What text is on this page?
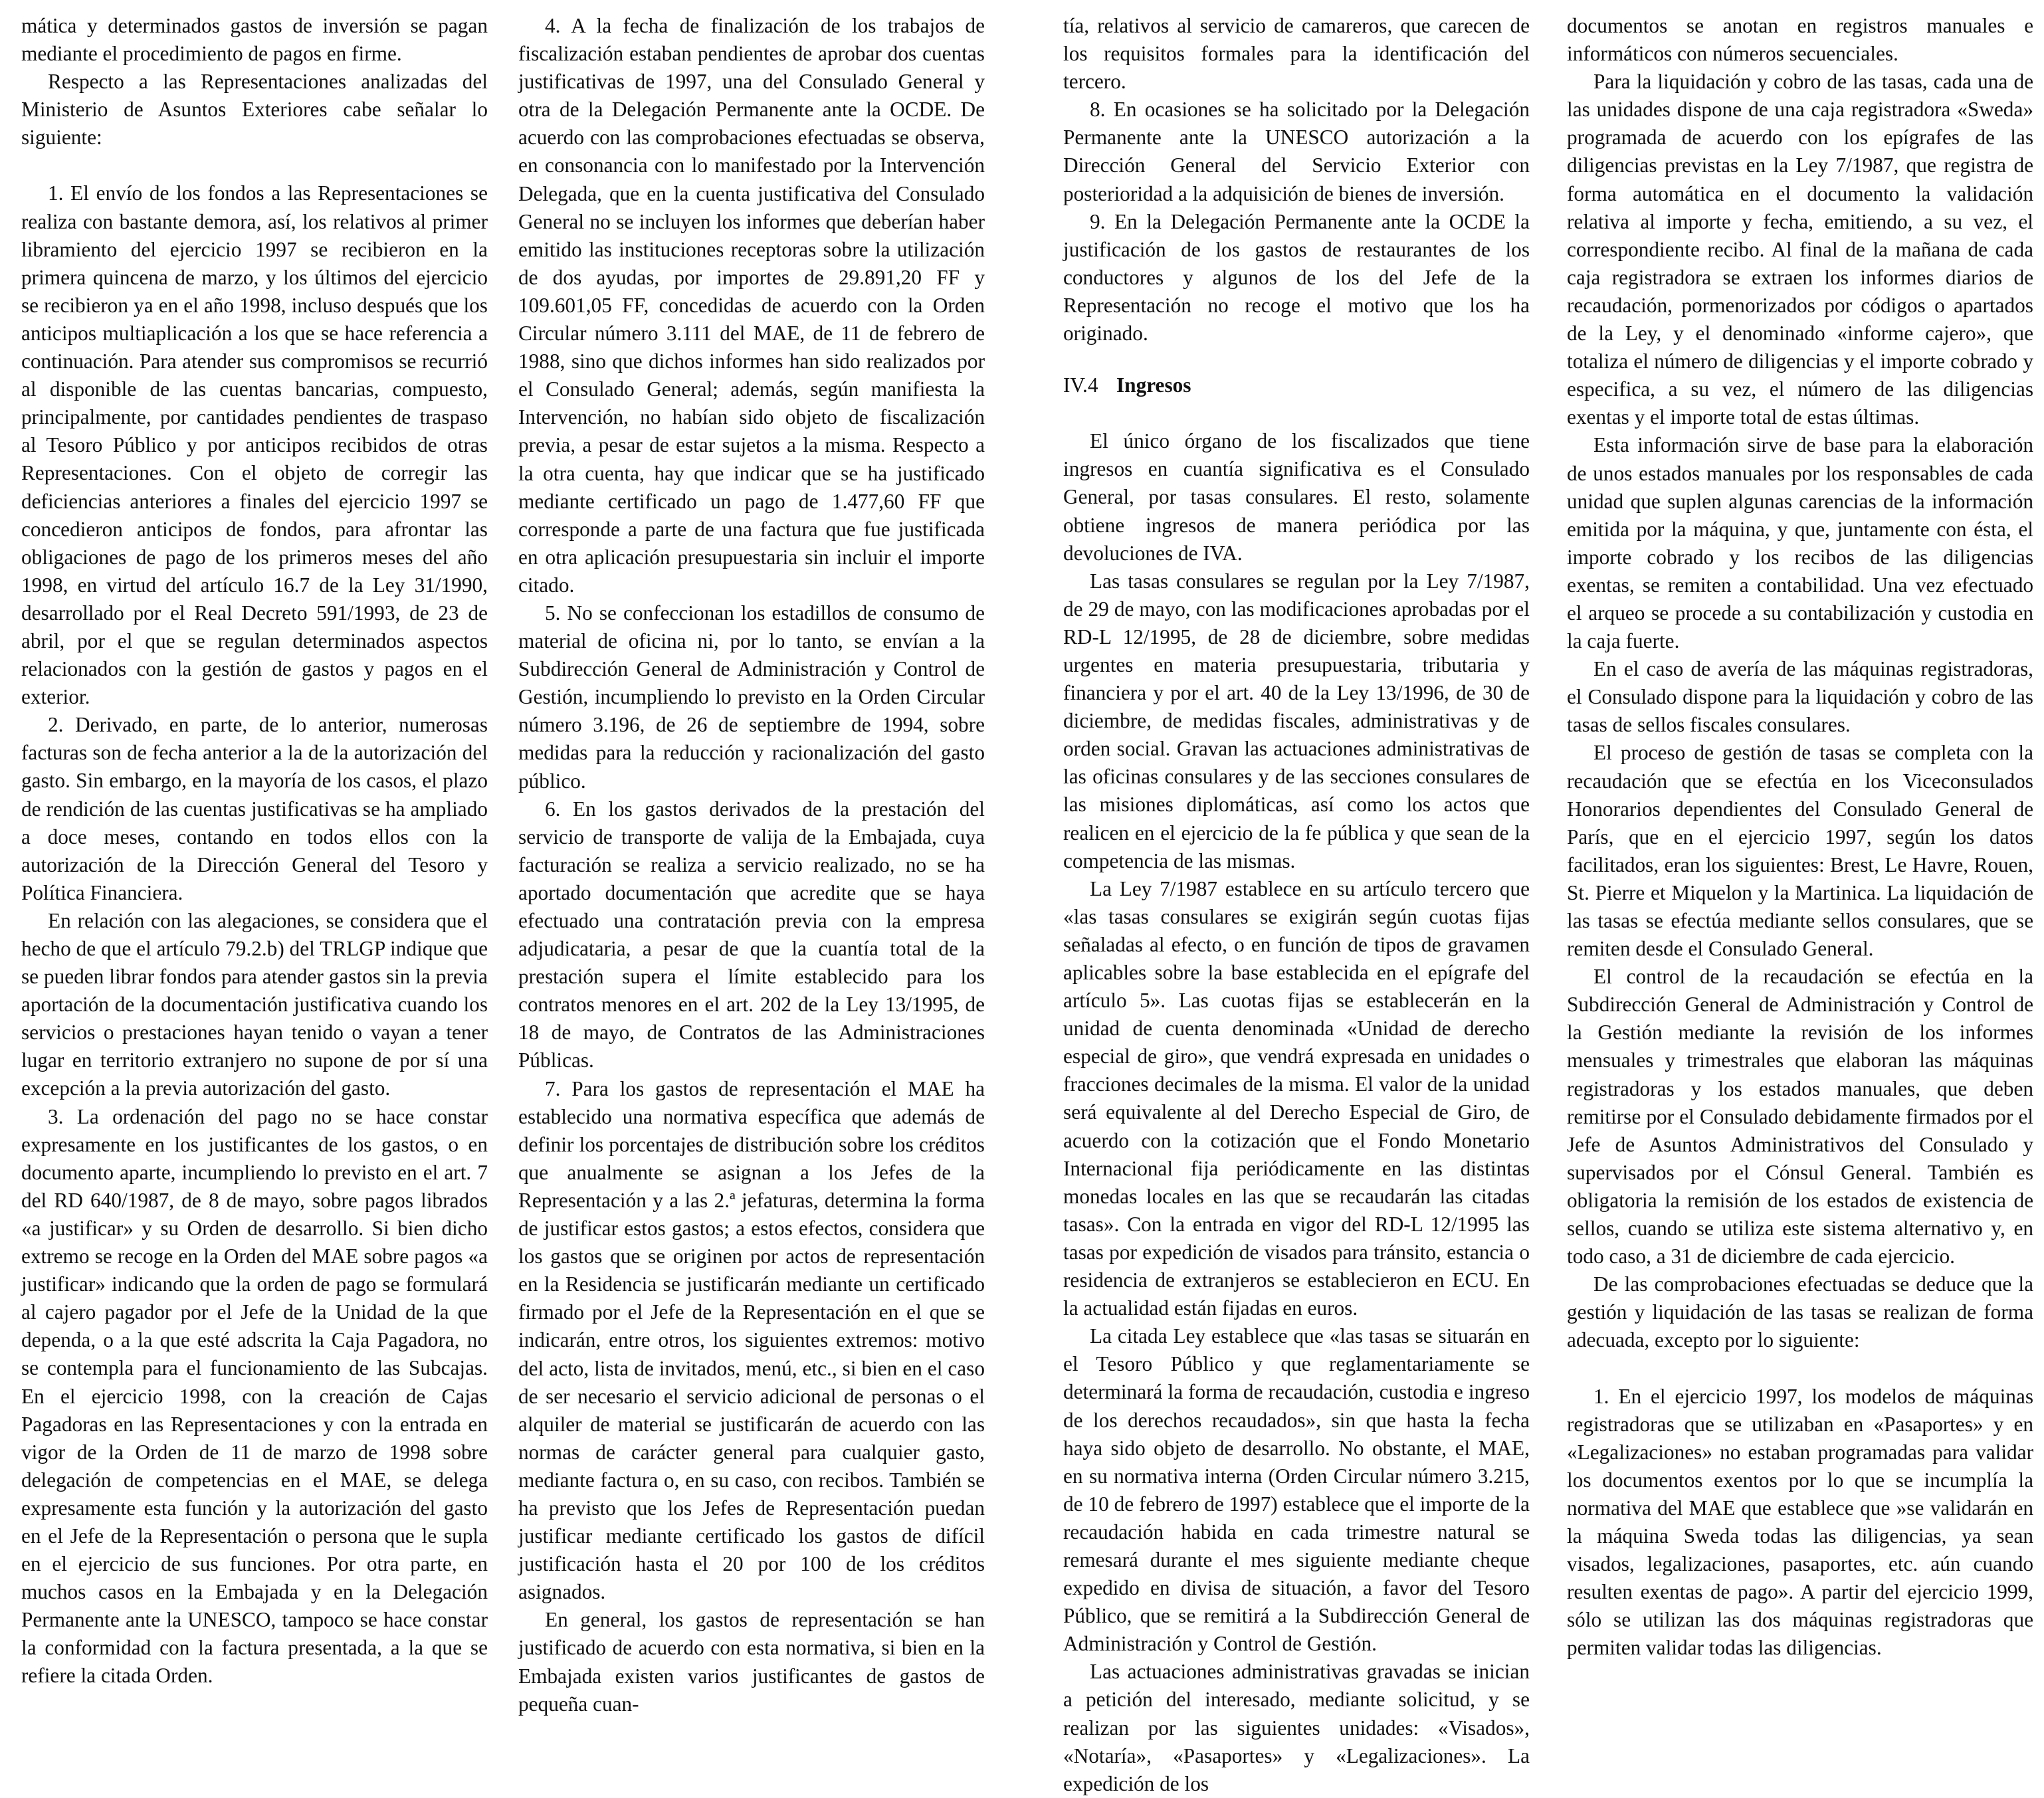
mática y determinados gastos de inversión se pagan mediante el procedimiento de pagos en firme.

Respecto a las Representaciones analizadas del Ministerio de Asuntos Exteriores cabe señalar lo siguiente:

1. El envío de los fondos a las Representaciones se realiza con bastante demora, así, los relativos al primer libramiento del ejercicio 1997 se recibieron en la primera quincena de marzo, y los últimos del ejercicio se recibieron ya en el año 1998, incluso después que los anticipos multiaplicación a los que se hace referencia a continuación. Para atender sus compromisos se recurrió al disponible de las cuentas bancarias, compuesto, principalmente, por cantidades pendientes de traspaso al Tesoro Público y por anticipos recibidos de otras Representaciones. Con el objeto de corregir las deficiencias anteriores a finales del ejercicio 1997 se concedieron anticipos de fondos, para afrontar las obligaciones de pago de los primeros meses del año 1998, en virtud del artículo 16.7 de la Ley 31/1990, desarrollado por el Real Decreto 591/1993, de 23 de abril, por el que se regulan determinados aspectos relacionados con la gestión de gastos y pagos en el exterior.

2. Derivado, en parte, de lo anterior, numerosas facturas son de fecha anterior a la de la autorización del gasto. Sin embargo, en la mayoría de los casos, el plazo de rendición de las cuentas justificativas se ha ampliado a doce meses, contando en todos ellos con la autorización de la Dirección General del Tesoro y Política Financiera.

En relación con las alegaciones, se considera que el hecho de que el artículo 79.2.b) del TRLGP indique que se pueden librar fondos para atender gastos sin la previa aportación de la documentación justificativa cuando los servicios o prestaciones hayan tenido o vayan a tener lugar en territorio extranjero no supone de por sí una excepción a la previa autorización del gasto.

3. La ordenación del pago no se hace constar expresamente en los justificantes de los gastos, o en documento aparte, incumpliendo lo previsto en el art. 7 del RD 640/1987, de 8 de mayo, sobre pagos librados «a justificar» y su Orden de desarrollo. Si bien dicho extremo se recoge en la Orden del MAE sobre pagos «a justificar» indicando que la orden de pago se formulará al cajero pagador por el Jefe de la Unidad de la que dependa, o a la que esté adscrita la Caja Pagadora, no se contempla para el funcionamiento de las Subcajas. En el ejercicio 1998, con la creación de Cajas Pagadoras en las Representaciones y con la entrada en vigor de la Orden de 11 de marzo de 1998 sobre delegación de competencias en el MAE, se delega expresamente esta función y la autorización del gasto en el Jefe de la Representación o persona que le supla en el ejercicio de sus funciones. Por otra parte, en muchos casos en la Embajada y en la Delegación Permanente ante la UNESCO, tampoco se hace constar la conformidad con la factura presentada, a la que se refiere la citada Orden.

4. A la fecha de finalización de los trabajos de fiscalización estaban pendientes de aprobar dos cuentas justificativas de 1997, una del Consulado General y otra de la Delegación Permanente ante la OCDE. De acuerdo con las comprobaciones efectuadas se observa, en consonancia con lo manifestado por la Intervención Delegada, que en la cuenta justificativa del Consulado General no se incluyen los informes que deberían haber emitido las instituciones receptoras sobre la utilización de dos ayudas, por importes de 29.891,20 FF y 109.601,05 FF, concedidas de acuerdo con la Orden Circular número 3.111 del MAE, de 11 de febrero de 1988, sino que dichos informes han sido realizados por el Consulado General; además, según manifiesta la Intervención, no habían sido objeto de fiscalización previa, a pesar de estar sujetos a la misma. Respecto a la otra cuenta, hay que indicar que se ha justificado mediante certificado un pago de 1.477,60 FF que corresponde a parte de una factura que fue justificada en otra aplicación presupuestaria sin incluir el importe citado.

5. No se confeccionan los estadillos de consumo de material de oficina ni, por lo tanto, se envían a la Subdirección General de Administración y Control de Gestión, incumpliendo lo previsto en la Orden Circular número 3.196, de 26 de septiembre de 1994, sobre medidas para la reducción y racionalización del gasto público.

6. En los gastos derivados de la prestación del servicio de transporte de valija de la Embajada, cuya facturación se realiza a servicio realizado, no se ha aportado documentación que acredite que se haya efectuado una contratación previa con la empresa adjudicataria, a pesar de que la cuantía total de la prestación supera el límite establecido para los contratos menores en el art. 202 de la Ley 13/1995, de 18 de mayo, de Contratos de las Administraciones Públicas.

7. Para los gastos de representación el MAE ha establecido una normativa específica que además de definir los porcentajes de distribución sobre los créditos que anualmente se asignan a los Jefes de la Representación y a las 2.ª jefaturas, determina la forma de justificar estos gastos; a estos efectos, considera que los gastos que se originen por actos de representación en la Residencia se justificarán mediante un certificado firmado por el Jefe de la Representación en el que se indicarán, entre otros, los siguientes extremos: motivo del acto, lista de invitados, menú, etc., si bien en el caso de ser necesario el servicio adicional de personas o el alquiler de material se justificarán de acuerdo con las normas de carácter general para cualquier gasto, mediante factura o, en su caso, con recibos. También se ha previsto que los Jefes de Representación puedan justificar mediante certificado los gastos de difícil justificación hasta el 20 por 100 de los créditos asignados.

En general, los gastos de representación se han justificado de acuerdo con esta normativa, si bien en la Embajada existen varios justificantes de gastos de pequeña cuan-

tía, relativos al servicio de camareros, que carecen de los requisitos formales para la identificación del tercero.

8. En ocasiones se ha solicitado por la Delegación Permanente ante la UNESCO autorización a la Dirección General del Servicio Exterior con posterioridad a la adquisición de bienes de inversión.

9. En la Delegación Permanente ante la OCDE la justificación de los gastos de restaurantes de los conductores y algunos de los del Jefe de la Representación no recoge el motivo que los ha originado.

IV.4 Ingresos

El único órgano de los fiscalizados que tiene ingresos en cuantía significativa es el Consulado General, por tasas consulares. El resto, solamente obtiene ingresos de manera periódica por las devoluciones de IVA.

Las tasas consulares se regulan por la Ley 7/1987, de 29 de mayo, con las modificaciones aprobadas por el RD-L 12/1995, de 28 de diciembre, sobre medidas urgentes en materia presupuestaria, tributaria y financiera y por el art. 40 de la Ley 13/1996, de 30 de diciembre, de medidas fiscales, administrativas y de orden social. Gravan las actuaciones administrativas de las oficinas consulares y de las secciones consulares de las misiones diplomáticas, así como los actos que realicen en el ejercicio de la fe pública y que sean de la competencia de las mismas.

La Ley 7/1987 establece en su artículo tercero que «las tasas consulares se exigirán según cuotas fijas señaladas al efecto, o en función de tipos de gravamen aplicables sobre la base establecida en el epígrafe del artículo 5». Las cuotas fijas se establecerán en la unidad de cuenta denominada «Unidad de derecho especial de giro», que vendrá expresada en unidades o fracciones decimales de la misma. El valor de la unidad será equivalente al del Derecho Especial de Giro, de acuerdo con la cotización que el Fondo Monetario Internacional fija periódicamente en las distintas monedas locales en las que se recaudarán las citadas tasas». Con la entrada en vigor del RD-L 12/1995 las tasas por expedición de visados para tránsito, estancia o residencia de extranjeros se establecieron en ECU. En la actualidad están fijadas en euros.

La citada Ley establece que «las tasas se situarán en el Tesoro Público y que reglamentariamente se determinará la forma de recaudación, custodia e ingreso de los derechos recaudados», sin que hasta la fecha haya sido objeto de desarrollo. No obstante, el MAE, en su normativa interna (Orden Circular número 3.215, de 10 de febrero de 1997) establece que el importe de la recaudación habida en cada trimestre natural se remesará durante el mes siguiente mediante cheque expedido en divisa de situación, a favor del Tesoro Público, que se remitirá a la Subdirección General de Administración y Control de Gestión.

Las actuaciones administrativas gravadas se inician a petición del interesado, mediante solicitud, y se realizan por las siguientes unidades: «Visados», «Notaría», «Pasaportes» y «Legalizaciones». La expedición de los

documentos se anotan en registros manuales e informáticos con números secuenciales.

Para la liquidación y cobro de las tasas, cada una de las unidades dispone de una caja registradora «Sweda» programada de acuerdo con los epígrafes de las diligencias previstas en la Ley 7/1987, que registra de forma automática en el documento la validación relativa al importe y fecha, emitiendo, a su vez, el correspondiente recibo. Al final de la mañana de cada caja registradora se extraen los informes diarios de recaudación, pormenorizados por códigos o apartados de la Ley, y el denominado «informe cajero», que totaliza el número de diligencias y el importe cobrado y especifica, a su vez, el número de las diligencias exentas y el importe total de estas últimas.

Esta información sirve de base para la elaboración de unos estados manuales por los responsables de cada unidad que suplen algunas carencias de la información emitida por la máquina, y que, juntamente con ésta, el importe cobrado y los recibos de las diligencias exentas, se remiten a contabilidad. Una vez efectuado el arqueo se procede a su contabilización y custodia en la caja fuerte.

En el caso de avería de las máquinas registradoras, el Consulado dispone para la liquidación y cobro de las tasas de sellos fiscales consulares.

El proceso de gestión de tasas se completa con la recaudación que se efectúa en los Viceconsulados Honorarios dependientes del Consulado General de París, que en el ejercicio 1997, según los datos facilitados, eran los siguientes: Brest, Le Havre, Rouen, St. Pierre et Miquelon y la Martinica. La liquidación de las tasas se efectúa mediante sellos consulares, que se remiten desde el Consulado General.

El control de la recaudación se efectúa en la Subdirección General de Administración y Control de la Gestión mediante la revisión de los informes mensuales y trimestrales que elaboran las máquinas registradoras y los estados manuales, que deben remitirse por el Consulado debidamente firmados por el Jefe de Asuntos Administrativos del Consulado y supervisados por el Cónsul General. También es obligatoria la remisión de los estados de existencia de sellos, cuando se utiliza este sistema alternativo y, en todo caso, a 31 de diciembre de cada ejercicio.

De las comprobaciones efectuadas se deduce que la gestión y liquidación de las tasas se realizan de forma adecuada, excepto por lo siguiente:

1. En el ejercicio 1997, los modelos de máquinas registradoras que se utilizaban en «Pasaportes» y en «Legalizaciones» no estaban programadas para validar los documentos exentos por lo que se incumplía la normativa del MAE que establece que »se validarán en la máquina Sweda todas las diligencias, ya sean visados, legalizaciones, pasaportes, etc. aún cuando resulten exentas de pago». A partir del ejercicio 1999, sólo se utilizan las dos máquinas registradoras que permiten validar todas las diligencias.
